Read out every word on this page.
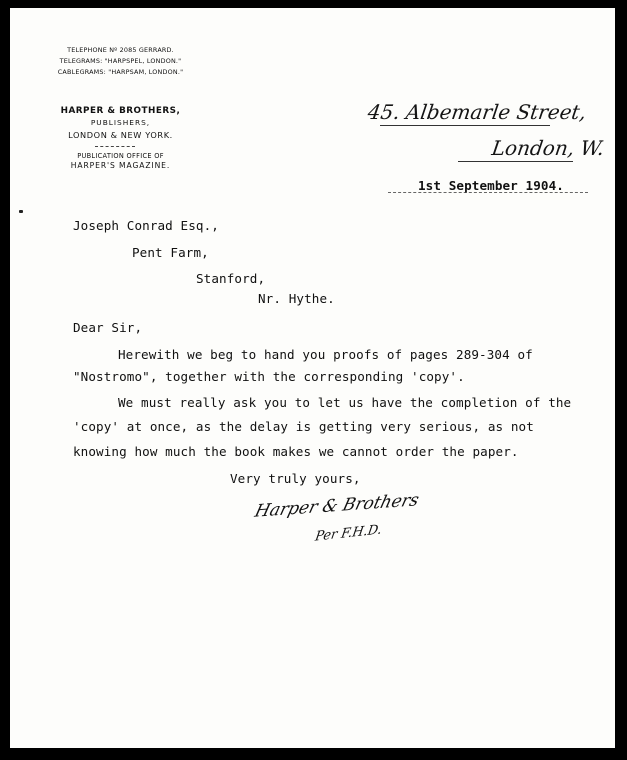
TELEPHONE Nº 2085 GERRARD.
TELEGRAMS: "HARPSPEL, LONDON."
CABLEGRAMS: "HARPSAM, LONDON."
HARPER & BROTHERS,
PUBLISHERS,
LONDON & NEW YORK.
PUBLICATION OFFICE OF
HARPER'S MAGAZINE.
45. Albemarle Street,
London, W.
1st September 1904.
Joseph Conrad Esq.,
Pent Farm,
Stanford,
Nr. Hythe.
Dear Sir,
Herewith we beg to hand you proofs of pages 289-304 of
"Nostromo", together with the corresponding 'copy'.
We must really ask you to let us have the completion of the
'copy' at once, as the delay is getting very serious, as not
knowing how much the book makes we cannot order the paper.
Very truly yours,
Harper & Brothers
Per F.H.D.
